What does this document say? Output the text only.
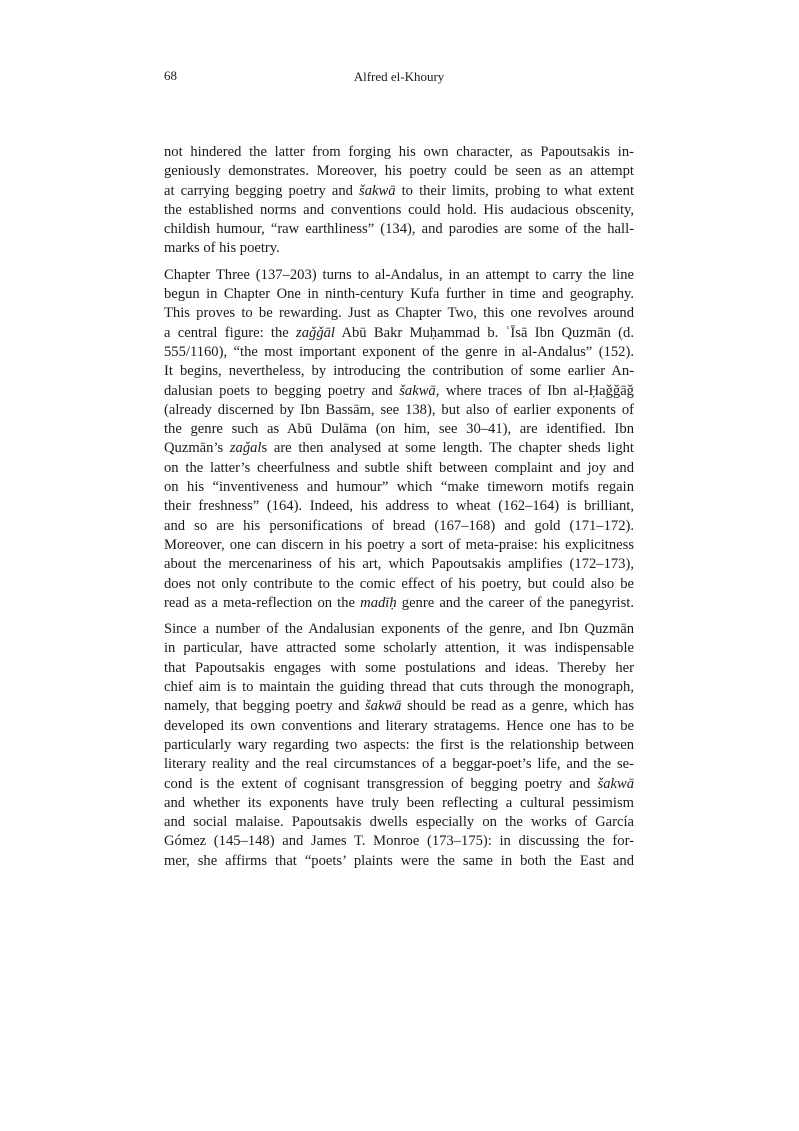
68	Alfred el-Khoury
not hindered the latter from forging his own character, as Papoutsakis in-
geniously demonstrates. Moreover, his poetry could be seen as an attempt
at carrying begging poetry and šakwā to their limits, probing to what extent
the established norms and conventions could hold. His audacious obscenity,
childish humour, “raw earthliness” (134), and parodies are some of the hall-
marks of his poetry.
Chapter Three (137–203) turns to al-Andalus, in an attempt to carry the line
begun in Chapter One in ninth-century Kufa further in time and geography.
This proves to be rewarding. Just as Chapter Two, this one revolves around
a central figure: the zaǧǧāl Abū Bakr Muḥammad b. ʿĪsā Ibn Quzmān (d.
555/1160), “the most important exponent of the genre in al-Andalus” (152).
It begins, nevertheless, by introducing the contribution of some earlier An-
dalusian poets to begging poetry and šakwā, where traces of Ibn al-Ḥaǧǧāǧ
(already discerned by Ibn Bassām, see 138), but also of earlier exponents of
the genre such as Abū Dulāma (on him, see 30–41), are identified. Ibn
Quzmān’s zaǧals are then analysed at some length. The chapter sheds light
on the latter’s cheerfulness and subtle shift between complaint and joy and
on his “inventiveness and humour” which “make timeworn motifs regain
their freshness” (164). Indeed, his address to wheat (162–164) is brilliant,
and so are his personifications of bread (167–168) and gold (171–172).
Moreover, one can discern in his poetry a sort of meta-praise: his explicitness
about the mercenariness of his art, which Papoutsakis amplifies (172–173),
does not only contribute to the comic effect of his poetry, but could also be
read as a meta-reflection on the madīḥ genre and the career of the panegyrist.
Since a number of the Andalusian exponents of the genre, and Ibn Quzmān
in particular, have attracted some scholarly attention, it was indispensable
that Papoutsakis engages with some postulations and ideas. Thereby her
chief aim is to maintain the guiding thread that cuts through the monograph,
namely, that begging poetry and šakwā should be read as a genre, which has
developed its own conventions and literary stratagems. Hence one has to be
particularly wary regarding two aspects: the first is the relationship between
literary reality and the real circumstances of a beggar-poet’s life, and the se-
cond is the extent of cognisant transgression of begging poetry and šakwā
and whether its exponents have truly been reflecting a cultural pessimism
and social malaise. Papoutsakis dwells especially on the works of García
Gómez (145–148) and James T. Monroe (173–175): in discussing the for-
mer, she affirms that “poets’ plaints were the same in both the East and
